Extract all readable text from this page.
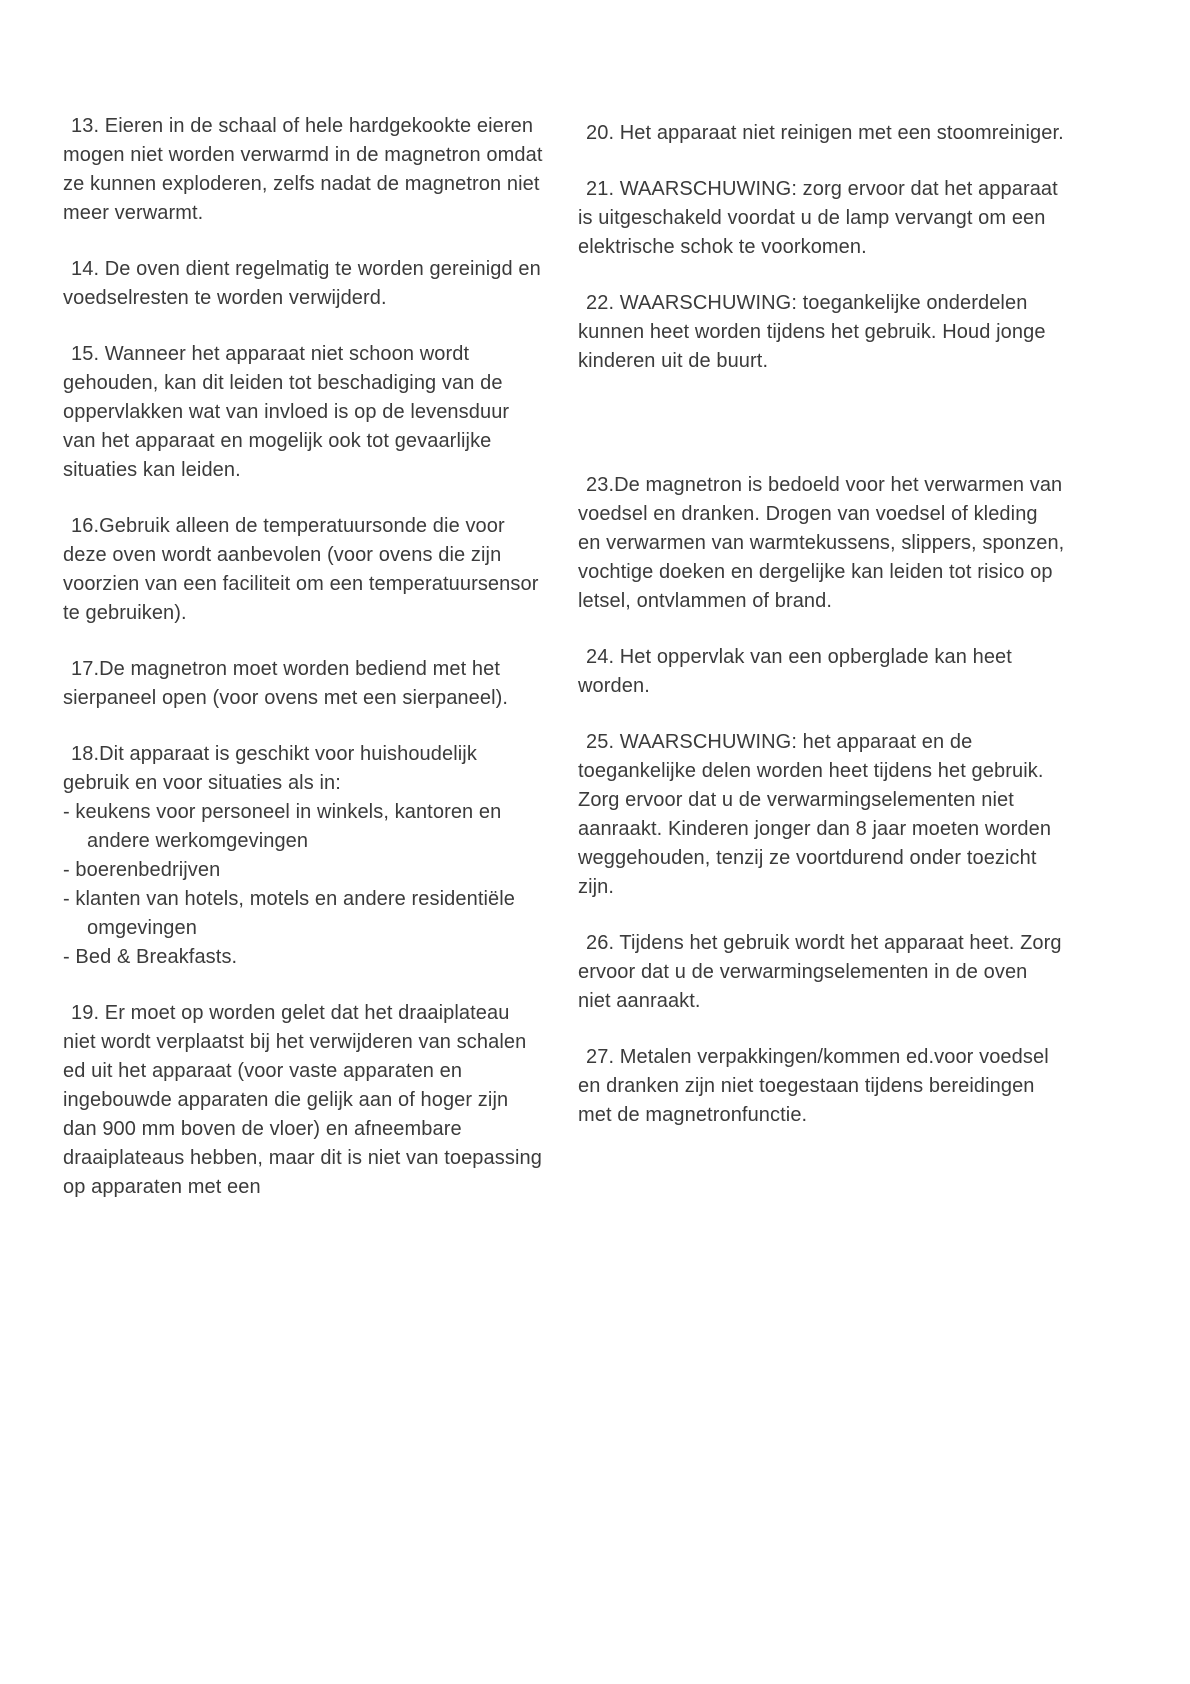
13. Eieren in de schaal of hele hardgekookte eieren mogen niet worden verwarmd in de magnetron omdat ze kunnen exploderen, zelfs nadat de magnetron niet meer verwarmt.

14. De oven dient regelmatig te worden gereinigd en voedselresten te worden verwijderd.

15. Wanneer het apparaat niet schoon wordt gehouden, kan dit leiden tot beschadiging van de oppervlakken wat van invloed is op de levensduur van het apparaat en mogelijk ook tot gevaarlijke situaties kan leiden.

16.Gebruik alleen de temperatuursonde die voor deze oven wordt aanbevolen (voor ovens die zijn voorzien van een faciliteit om een temperatuursensor te gebruiken).

17.De magnetron moet worden bediend met het sierpaneel open (voor ovens met een sierpaneel).

18.Dit apparaat is geschikt voor huishoudelijk gebruik en voor situaties als in:

- keukens voor personeel in winkels, kantoren en andere werkomgevingen
- boerenbedrijven
- klanten van hotels, motels en andere residentiële omgevingen
- Bed & Breakfasts.

19. Er moet op worden gelet dat het draaiplateau niet wordt verplaatst bij het verwijderen van schalen ed uit het apparaat (voor vaste apparaten en ingebouwde apparaten die gelijk aan of hoger zijn dan 900 mm boven de vloer) en afneembare draaiplateaus hebben, maar dit is niet van toepassing op apparaten met een

20. Het apparaat niet reinigen met een stoomreiniger.

21. WAARSCHUWING: zorg ervoor dat het apparaat is uitgeschakeld voordat u de lamp vervangt om een elektrische schok te voorkomen.

22. WAARSCHUWING: toegankelijke onderdelen kunnen heet worden tijdens het gebruik. Houd jonge kinderen uit de buurt.

23.De magnetron is bedoeld voor het verwarmen van voedsel en dranken. Drogen van voedsel of kleding en verwarmen van warmtekussens, slippers, sponzen, vochtige doeken en dergelijke kan leiden tot risico op letsel, ontvlammen of brand.

24. Het oppervlak van een opberglade kan heet worden.

25. WAARSCHUWING: het apparaat en de toegankelijke delen worden heet tijdens het gebruik. Zorg ervoor dat u de verwarmingselementen niet aanraakt. Kinderen jonger dan 8 jaar moeten worden weggehouden, tenzij ze voortdurend onder toezicht zijn.

26. Tijdens het gebruik wordt het apparaat heet. Zorg ervoor dat u de verwarmingselementen in de oven niet aanraakt.

27. Metalen verpakkingen/kommen ed.voor voedsel en dranken zijn niet toegestaan tijdens bereidingen met de magnetronfunctie.
